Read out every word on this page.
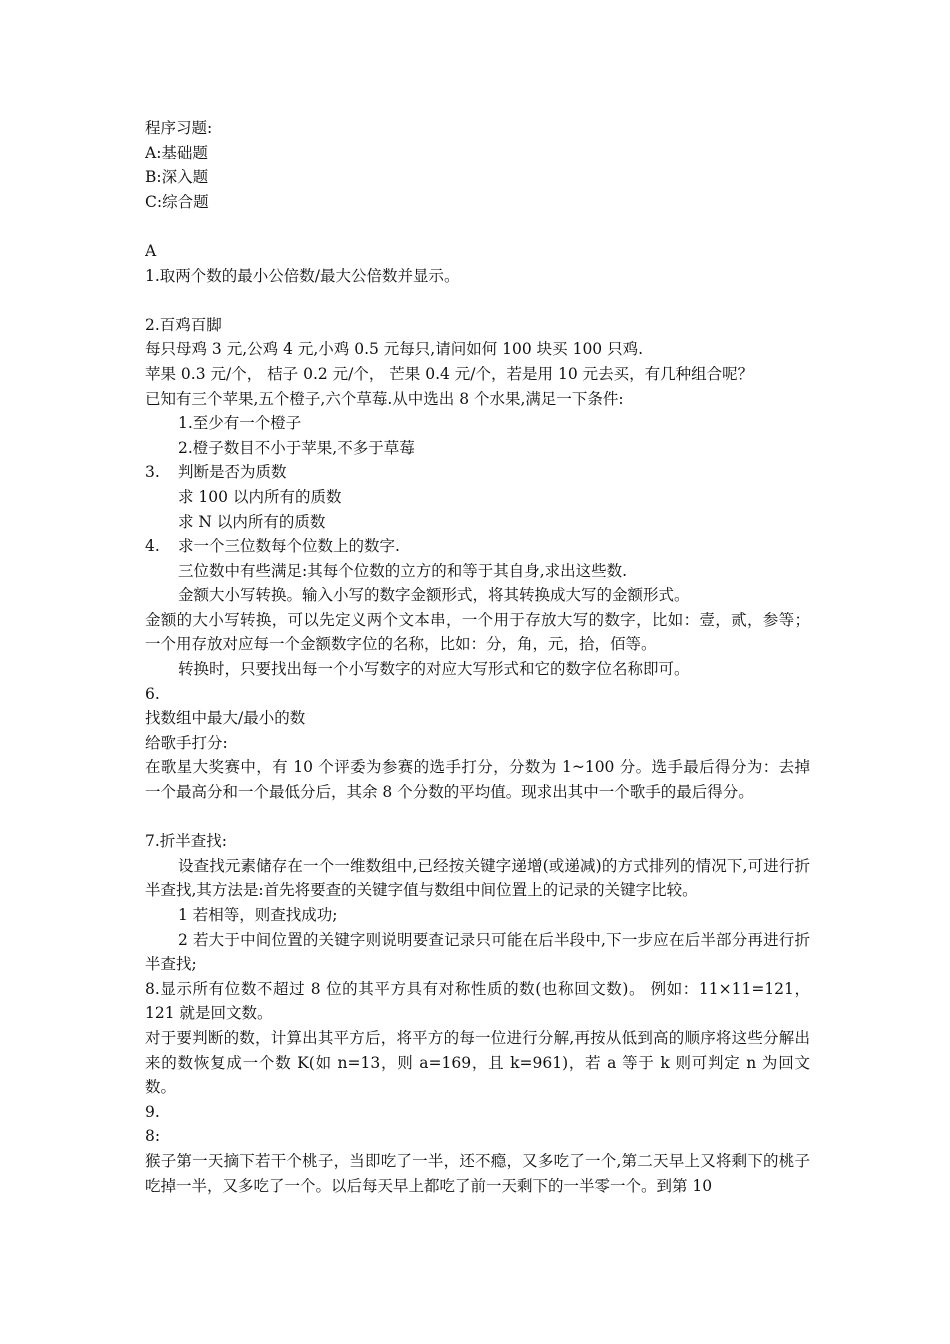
程序习题:
A:基础题
B:深入题
C:综合题
A
1.取两个数的最小公倍数/最大公倍数并显示。
2.百鸡百脚
每只母鸡 3 元,公鸡 4 元,小鸡 0.5 元每只,请问如何 100 块买 100 只鸡.
苹果 0.3 元/个， 桔子 0.2 元/个， 芒果 0.4 元/个，若是用 10 元去买，有几种组合呢？
已知有三个苹果,五个橙子,六个草莓.从中选出 8 个水果,满足一下条件:
1.至少有一个橙子
2.橙子数目不小于苹果,不多于草莓
3. 判断是否为质数
求 100 以内所有的质数
求 N 以内所有的质数
4. 求一个三位数每个位数上的数字.
三位数中有些满足:其每个位数的立方的和等于其自身,求出这些数.
金额大小写转换。输入小写的数字金额形式，将其转换成大写的金额形式。
金额的大小写转换，可以先定义两个文本串，一个用于存放大写的数字，比如：壹，贰，参等；一个用存放对应每一个金额数字位的名称，比如：分，角，元，拾，佰等。
转换时，只要找出每一个小写数字的对应大写形式和它的数字位名称即可。
6.
找数组中最大/最小的数
给歌手打分:
在歌星大奖赛中，有 10 个评委为参赛的选手打分，分数为 1~100 分。选手最后得分为：去掉一个最高分和一个最低分后，其余 8 个分数的平均值。现求出其中一个歌手的最后得分。
7.折半查找:
设查找元素储存在一个一维数组中,已经按关键字递增(或递减)的方式排列的情况下,可进行折半查找,其方法是:首先将要查的关键字值与数组中间位置上的记录的关键字比较。
1 若相等，则查找成功;
2 若大于中间位置的关键字则说明要查记录只可能在后半段中,下一步应在后半部分再进行折半查找;
8.显示所有位数不超过 8 位的其平方具有对称性质的数(也称回文数)。 例如：11×11=121，121 就是回文数。
对于要判断的数，计算出其平方后，将平方的每一位进行分解,再按从低到高的顺序将这些分解出来的数恢复成一个数 K(如 n=13，则 a=169，且 k=961)，若 a 等于 k 则可判定 n 为回文数。
9.
8:
猴子第一天摘下若干个桃子，当即吃了一半，还不瘾，又多吃了一个,第二天早上又将剩下的桃子吃掉一半，又多吃了一个。以后每天早上都吃了前一天剩下的一半零一个。到第 10
